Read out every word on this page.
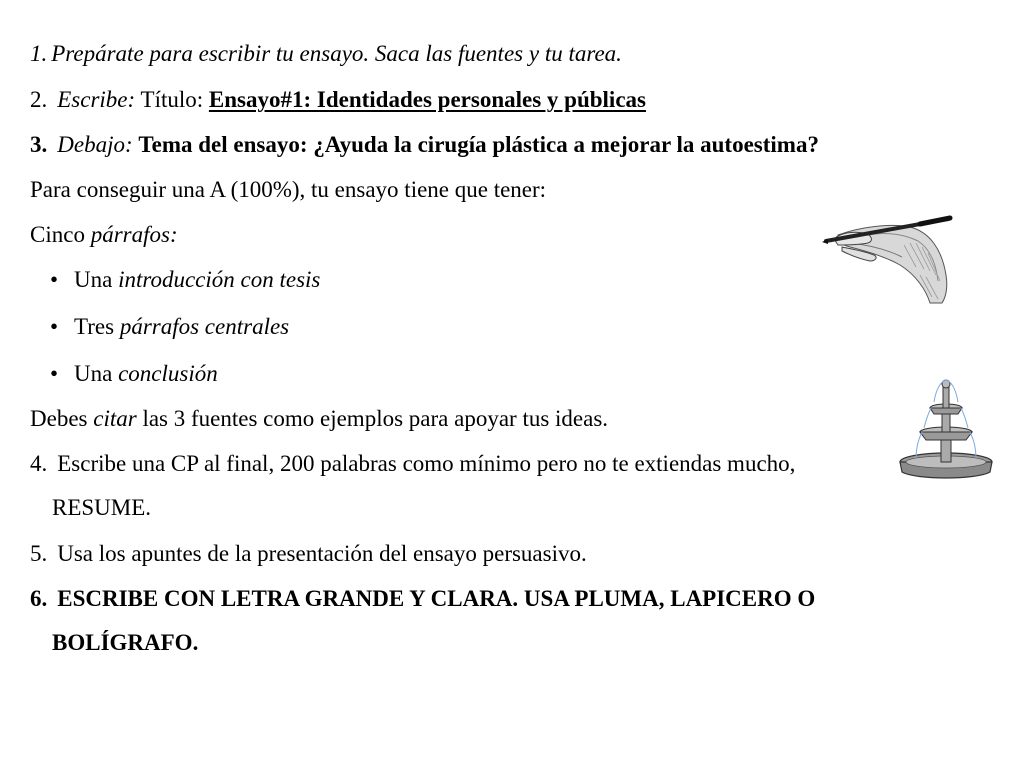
1. Prepárate para escribir tu ensayo. Saca las fuentes y tu tarea.
2. Escribe: Título: Ensayo#1: Identidades personales y públicas
3. Debajo: Tema del ensayo: ¿Ayuda la cirugía plástica a mejorar la autoestima?
Para conseguir una A (100%), tu ensayo tiene que tener:
Cinco párrafos:
• Una introducción con tesis
• Tres párrafos centrales
• Una conclusión
Debes citar las 3 fuentes como ejemplos para apoyar tus ideas.
4. Escribe una CP al final, 200 palabras como mínimo pero no te extiendas mucho,
RESUME.
5. Usa los apuntes de la presentación del ensayo persuasivo.
6. ESCRIBE CON LETRA GRANDE Y CLARA. USA PLUMA, LAPICERO O
BOLÍGRAFO.
